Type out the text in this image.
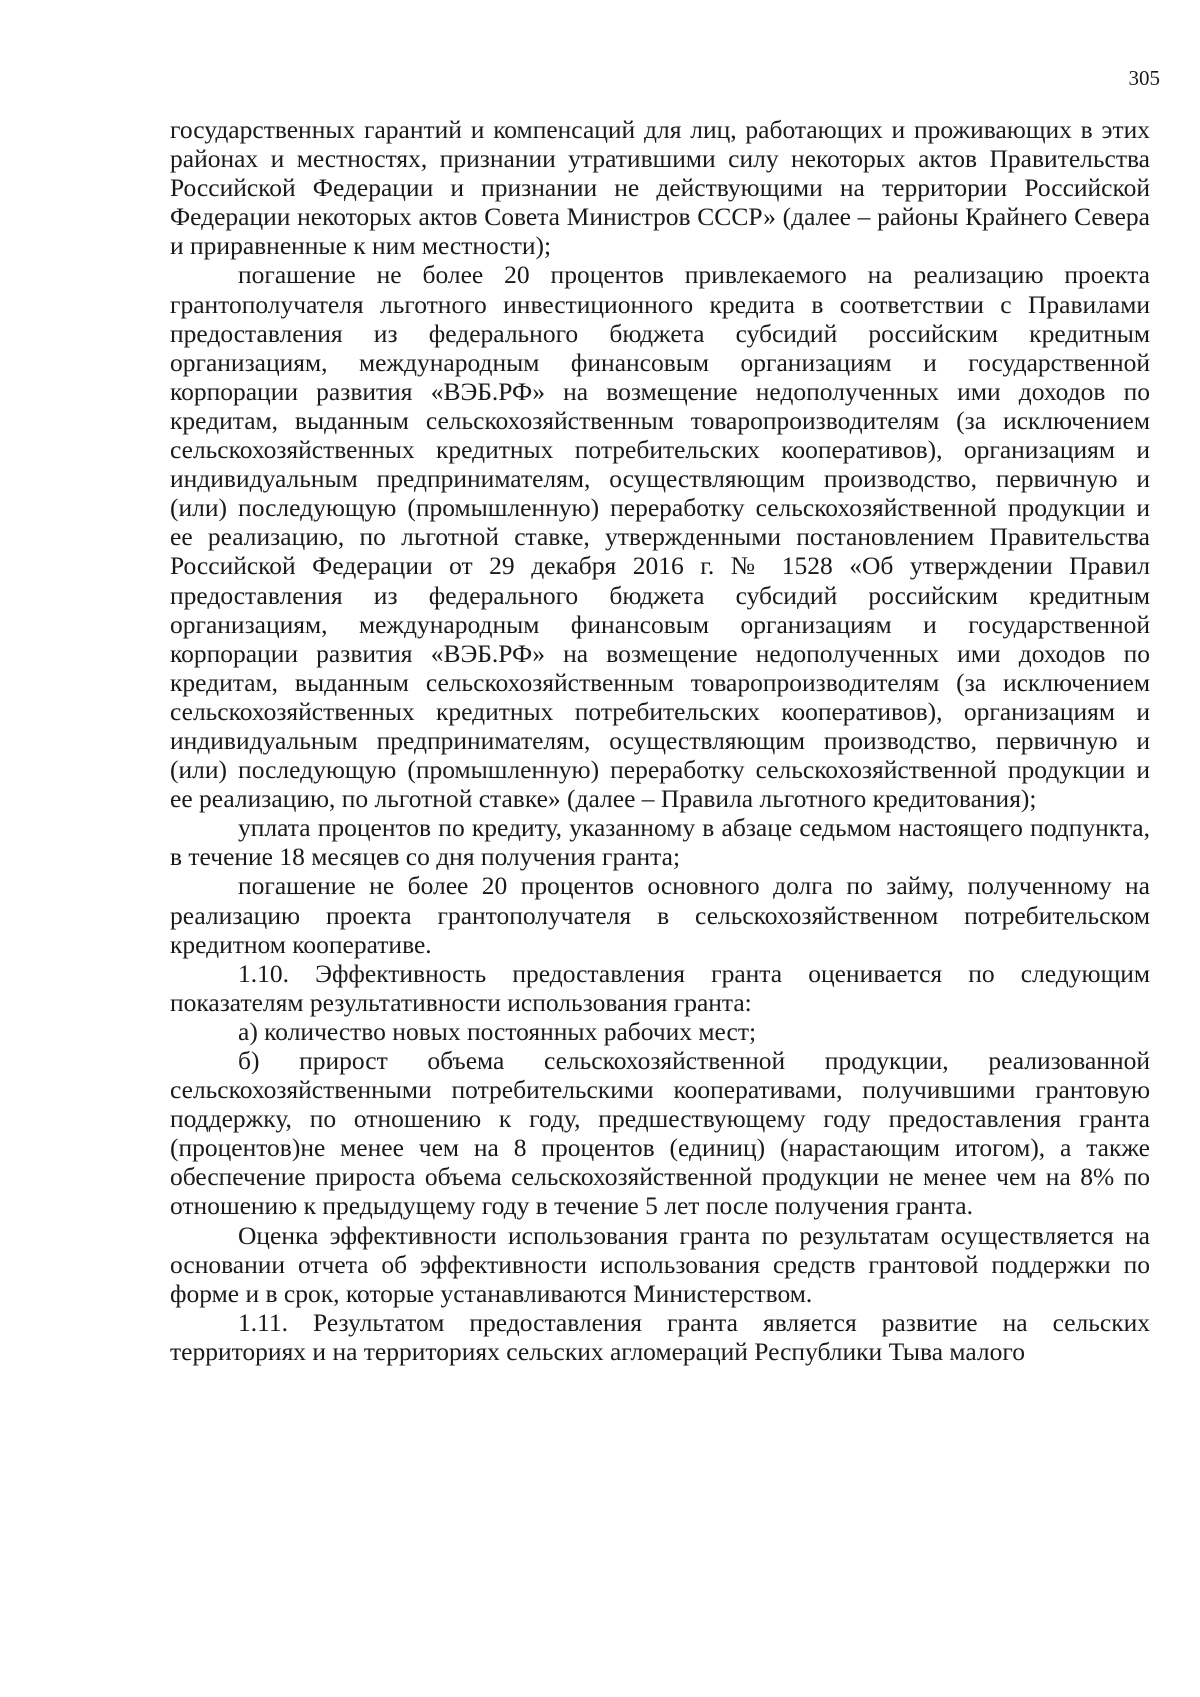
305

государственных гарантий и компенсаций для лиц, работающих и проживающих в этих районах и местностях, признании утратившими силу некоторых актов Правительства Российской Федерации и признании не действующими на территории Российской Федерации некоторых актов Совета Министров СССР» (далее – районы Крайнего Севера и приравненные к ним местности);

погашение не более 20 процентов привлекаемого на реализацию проекта грантополучателя льготного инвестиционного кредита в соответствии с Правилами предоставления из федерального бюджета субсидий российским кредитным организациям, международным финансовым организациям и государственной корпорации развития «ВЭБ.РФ» на возмещение недополученных ими доходов по кредитам, выданным сельскохозяйственным товаропроизводителям (за исключением сельскохозяйственных кредитных потребительских кооперативов), организациям и индивидуальным предпринимателям, осуществляющим производство, первичную и (или) последующую (промышленную) переработку сельскохозяйственной продукции и ее реализацию, по льготной ставке, утвержденными постановлением Правительства Российской Федерации от 29 декабря 2016 г. № 1528 «Об утверждении Правил предоставления из федерального бюджета субсидий российским кредитным организациям, международным финансовым организациям и государственной корпорации развития «ВЭБ.РФ» на возмещение недополученных ими доходов по кредитам, выданным сельскохозяйственным товаропроизводителям (за исключением сельскохозяйственных кредитных потребительских кооперативов), организациям и индивидуальным предпринимателям, осуществляющим производство, первичную и (или) последующую (промышленную) переработку сельскохозяйственной продукции и ее реализацию, по льготной ставке» (далее – Правила льготного кредитования);

уплата процентов по кредиту, указанному в абзаце седьмом настоящего подпункта, в течение 18 месяцев со дня получения гранта;

погашение не более 20 процентов основного долга по займу, полученному на реализацию проекта грантополучателя в сельскохозяйственном потребительском кредитном кооперативе.

1.10. Эффективность предоставления гранта оценивается по следующим показателям результативности использования гранта:

а) количество новых постоянных рабочих мест;

б) прирост объема сельскохозяйственной продукции, реализованной сельскохозяйственными потребительскими кооперативами, получившими грантовую поддержку, по отношению к году, предшествующему году предоставления гранта (процентов)не менее чем на 8 процентов (единиц) (нарастающим итогом), а также обеспечение прироста объема сельскохозяйственной продукции не менее чем на 8% по отношению к предыдущему году в течение 5 лет после получения гранта.

Оценка эффективности использования гранта по результатам осуществляется на основании отчета об эффективности использования средств грантовой поддержки по форме и в срок, которые устанавливаются Министерством.

1.11. Результатом предоставления гранта является развитие на сельских территориях и на территориях сельских агломераций Республики Тыва малого
